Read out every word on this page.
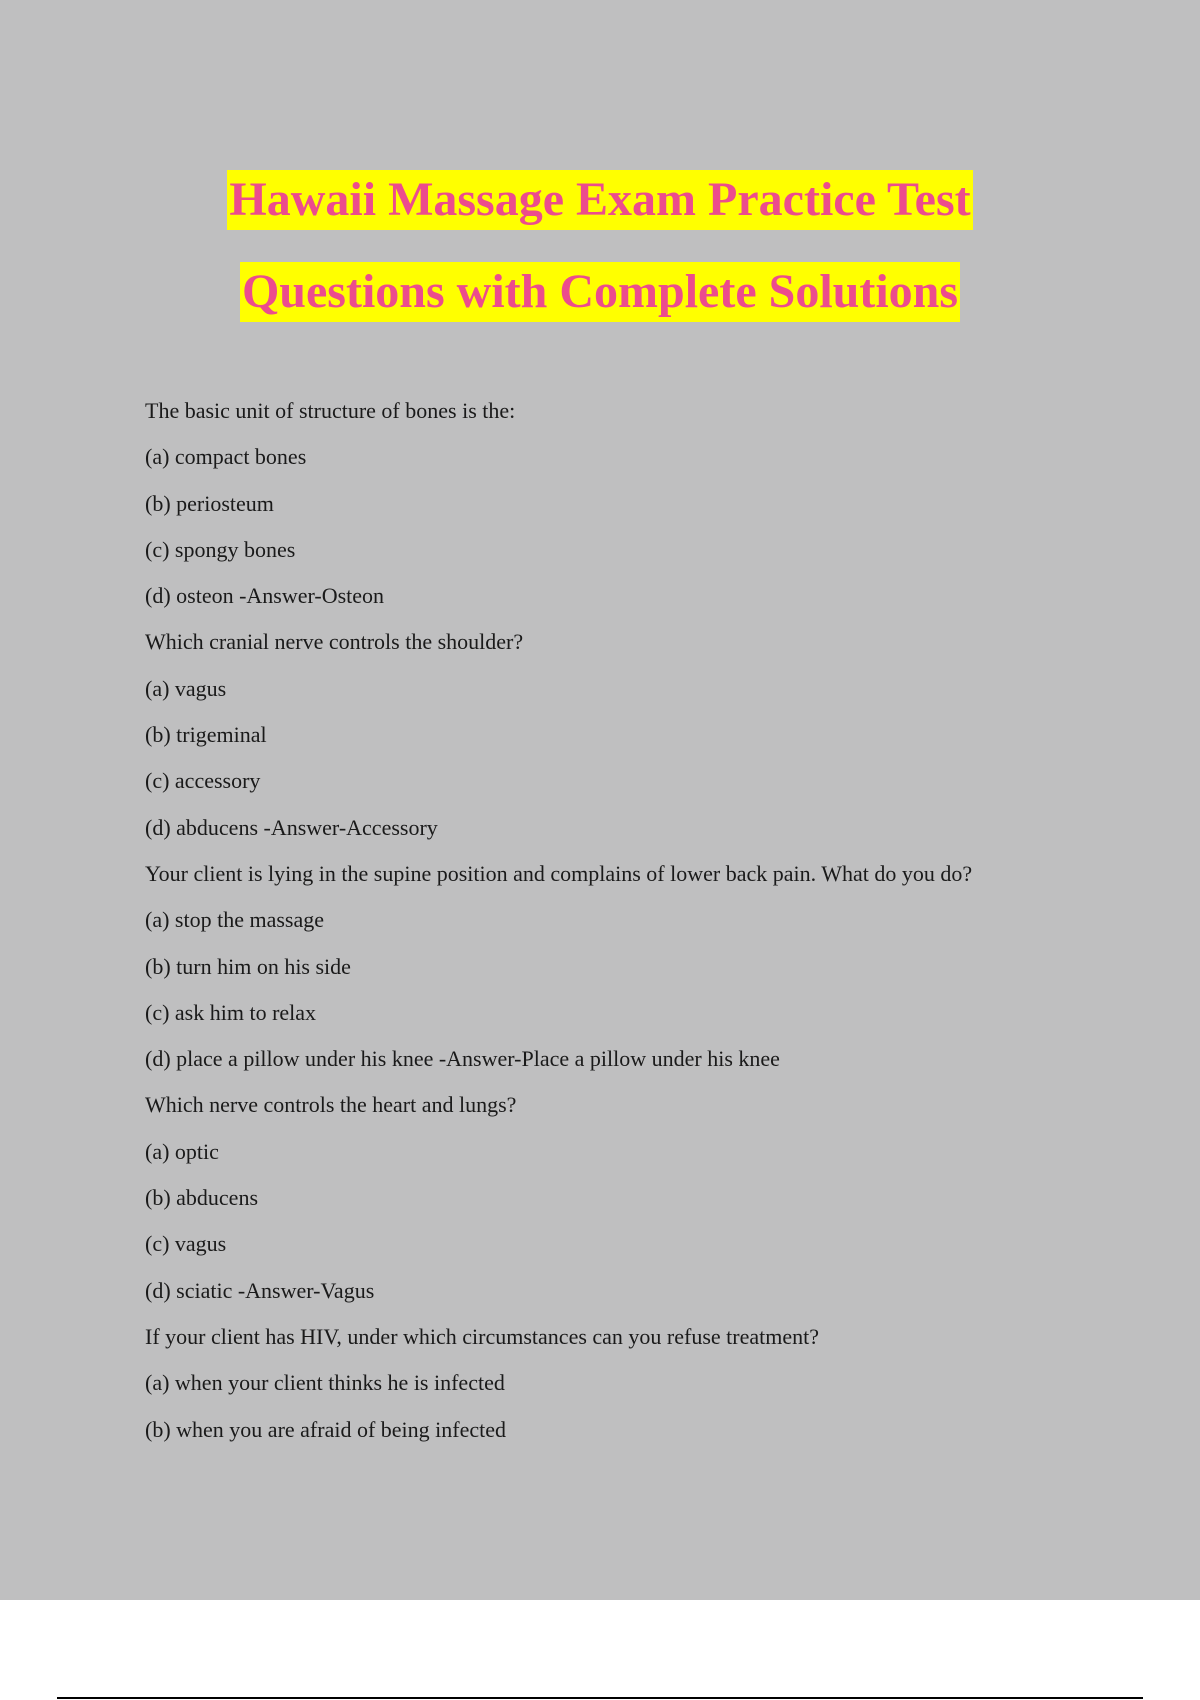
Hawaii Massage Exam Practice Test
Questions with Complete Solutions
The basic unit of structure of bones is the:
(a) compact bones
(b) periosteum
(c) spongy bones
(d) osteon -Answer-Osteon
Which cranial nerve controls the shoulder?
(a) vagus
(b) trigeminal
(c) accessory
(d) abducens -Answer-Accessory
Your client is lying in the supine position and complains of lower back pain. What do you do?
(a) stop the massage
(b) turn him on his side
(c) ask him to relax
(d) place a pillow under his knee -Answer-Place a pillow under his knee
Which nerve controls the heart and lungs?
(a) optic
(b) abducens
(c) vagus
(d) sciatic -Answer-Vagus
If your client has HIV, under which circumstances can you refuse treatment?
(a) when your client thinks he is infected
(b) when you are afraid of being infected
